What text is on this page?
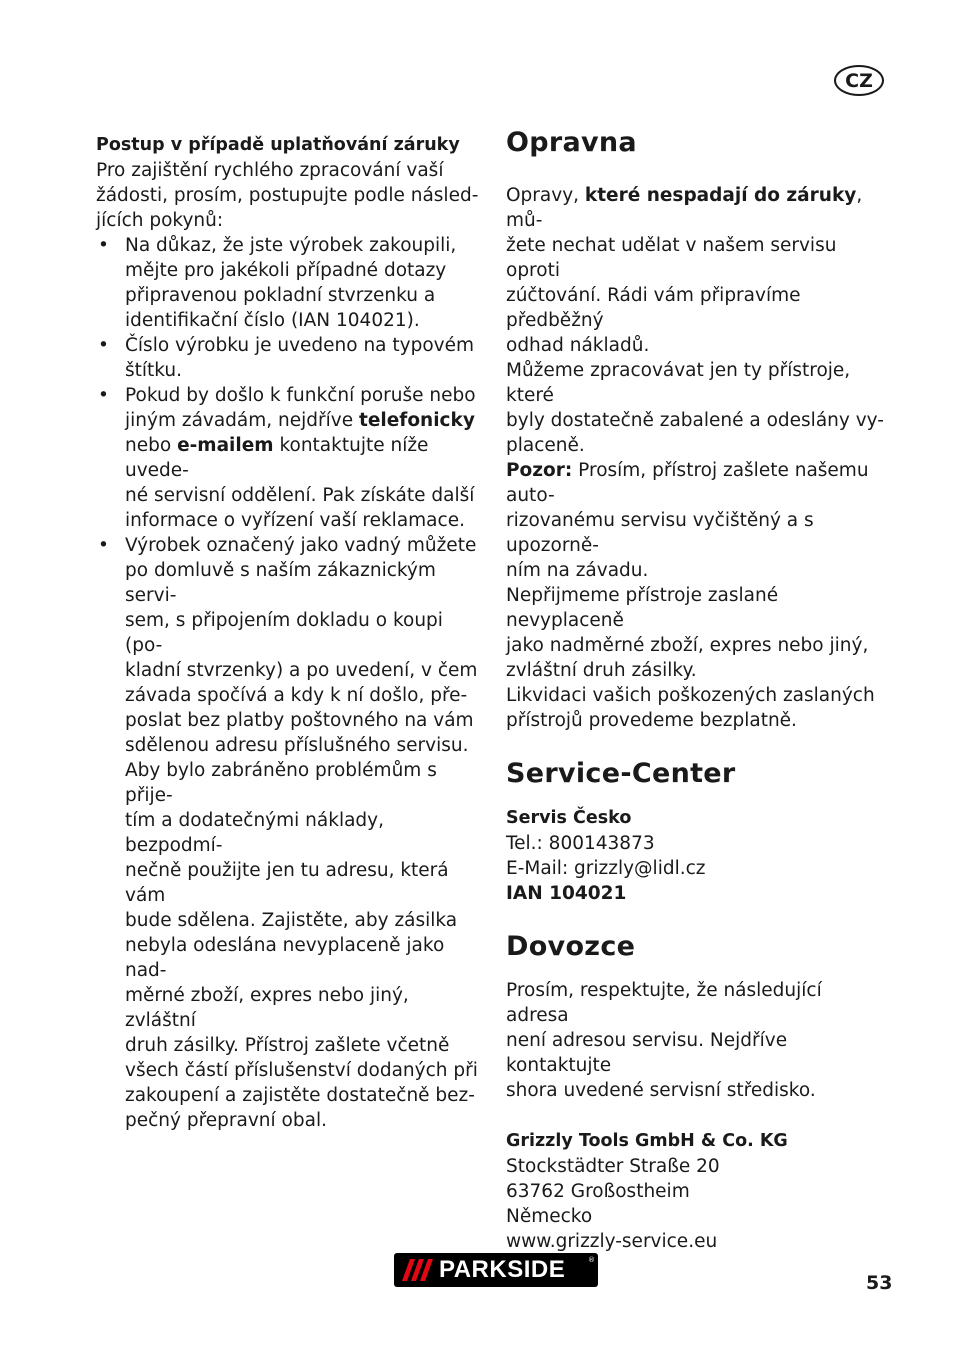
CZ

Postup v případě uplatňování záruky

Pro zajištění rychlého zpracování vaší
žádosti, prosím, postupujte podle násled-
jících pokynů:

• Na důkaz, že jste výrobek zakoupili,
mějte pro jakékoli případné dotazy
připravenou pokladní stvrzenku a
identifikační číslo (IAN 104021).
• Číslo výrobku je uvedeno na typovém
štítku.
• Pokud by došlo k funkční poruše nebo
jiným závadám, nejdříve telefonicky
nebo e-mailem kontaktujte níže uvede-
né servisní oddělení. Pak získáte další
informace o vyřízení vaší reklamace.
• Výrobek označený jako vadný můžete
po domluvě s naším zákaznickým servi-
sem, s připojením dokladu o koupi (po-
kladní stvrzenky) a po uvedení, v čem
závada spočívá a kdy k ní došlo, pře-
poslat bez platby poštovného na vám
sdělenou adresu příslušného servisu.
Aby bylo zabráněno problémům s přije-
tím a dodatečnými náklady, bezpodmí-
nečně použijte jen tu adresu, která vám
bude sdělena. Zajistěte, aby zásilka
nebyla odeslána nevyplaceně jako nad-
měrné zboží, expres nebo jiný, zvláštní
druh zásilky. Přístroj zašlete včetně
všech částí příslušenství dodaných při
zakoupení a zajistěte dostatečně bez-
pečný přepravní obal.
Opravna

Opravy, které nespadají do záruky, mů-
žete nechat udělat v našem servisu oproti
zúčtování. Rádi vám připravíme předběžný
odhad nákladů.

Můžeme zpracovávat jen ty přístroje, které
byly dostatečně zabalené a odeslány vy-
placeně.

Pozor: Prosím, přístroj zašlete našemu auto-
rizovanému servisu vyčištěný a s upozorně-
ním na závadu.

Nepřijmeme přístroje zaslané nevyplaceně
jako nadměrné zboží, expres nebo jiný,
zvláštní druh zásilky.

Likvidaci vašich poškozených zaslaných
přístrojů provedeme bezplatně.

Service-Center

Servis Česko
Tel.: 800143873
E-Mail: grizzly@lidl.cz
IAN 104021

Dovozce

Prosím, respektujte, že následující adresa
není adresou servisu. Nejdříve kontaktujte
shora uvedené servisní středisko.

Grizzly Tools GmbH & Co. KG
Stockstädter Straße 20
63762 Großostheim
Německo
www.grizzly-service.eu

PARKSIDE	®
53
